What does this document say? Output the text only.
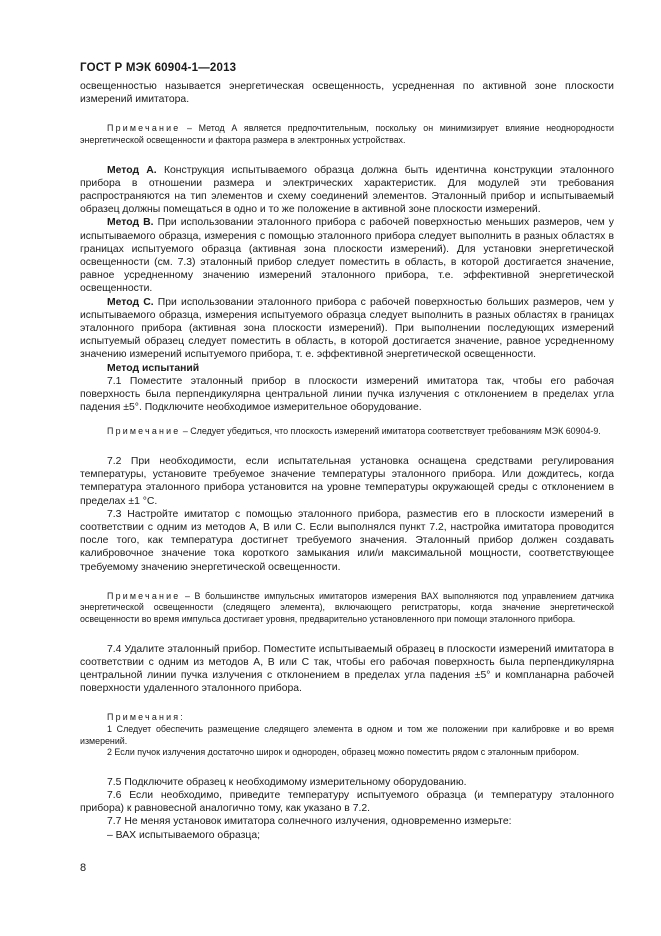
ГОСТ Р МЭК 60904-1—2013

освещенностью называется энергетическая освещенность, усредненная по активной зоне плоскости измерений имитатора.

Примечание – Метод А является предпочтительным, поскольку он минимизирует влияние неоднородности энергетической освещенности и фактора размера в электронных устройствах.

Метод А. Конструкция испытываемого образца должна быть идентична конструкции эталонного прибора в отношении размера и электрических характеристик. Для модулей эти требования распространяются на тип элементов и схему соединений элементов. Эталонный прибор и испытываемый образец должны помещаться в одно и то же положение в активной зоне плоскости измерений.

Метод В. При использовании эталонного прибора с рабочей поверхностью меньших размеров, чем у испытываемого образца, измерения с помощью эталонного прибора следует выполнить в разных областях в границах испытуемого образца (активная зона плоскости измерений). Для установки энергетической освещенности (см. 7.3) эталонный прибор следует поместить в область, в которой достигается значение, равное усредненному значению измерений эталонного прибора, т.е. эффективной энергетической освещенности.

Метод С. При использовании эталонного прибора с рабочей поверхностью больших размеров, чем у испытываемого образца, измерения испытуемого образца следует выполнить в разных областях в границах эталонного прибора (активная зона плоскости измерений). При выполнении последующих измерений испытуемый образец следует поместить в область, в которой достигается значение, равное усредненному значению измерений испытуемого прибора, т. е. эффективной энергетической освещенности.

Метод испытаний

7.1 Поместите эталонный прибор в плоскости измерений имитатора так, чтобы его рабочая поверхность была перпендикулярна центральной линии пучка излучения с отклонением в пределах угла падения ±5°. Подключите необходимое измерительное оборудование.

Примечание – Следует убедиться, что плоскость измерений имитатора соответствует требованиям МЭК 60904-9.

7.2 При необходимости, если испытательная установка оснащена средствами регулирования температуры, установите требуемое значение температуры эталонного прибора. Или дождитесь, когда температура эталонного прибора установится на уровне температуры окружающей среды с отклонением в пределах ±1 °С.

7.3 Настройте имитатор с помощью эталонного прибора, разместив его в плоскости измерений в соответствии с одним из методов А, В или С. Если выполнялся пункт 7.2, настройка имитатора проводится после того, как температура достигнет требуемого значения. Эталонный прибор должен создавать калибровочное значение тока короткого замыкания или/и максимальной мощности, соответствующее требуемому значению энергетической освещенности.

Примечание – В большинстве импульсных имитаторов измерения ВАХ выполняются под управлением датчика энергетической освещенности (следящего элемента), включающего регистраторы, когда значение энергетической освещенности во время импульса достигает уровня, предварительно установленного при помощи эталонного прибора.

7.4 Удалите эталонный прибор. Поместите испытываемый образец в плоскости измерений имитатора в соответствии с одним из методов А, В или С так, чтобы его рабочая поверхность была перпендикулярна центральной линии пучка излучения с отклонением в пределах угла падения ±5° и компланарна рабочей поверхности удаленного эталонного прибора.

Примечания:

1 Следует обеспечить размещение следящего элемента в одном и том же положении при калибровке и во время измерений.

2 Если пучок излучения достаточно широк и однороден, образец можно поместить рядом с эталонным прибором.

7.5 Подключите образец к необходимому измерительному оборудованию.

7.6 Если необходимо, приведите температуру испытуемого образца (и температуру эталонного прибора) к равновесной аналогично тому, как указано в 7.2.

7.7 Не меняя установок имитатора солнечного излучения, одновременно измерьте:

– ВАХ испытываемого образца;

8
